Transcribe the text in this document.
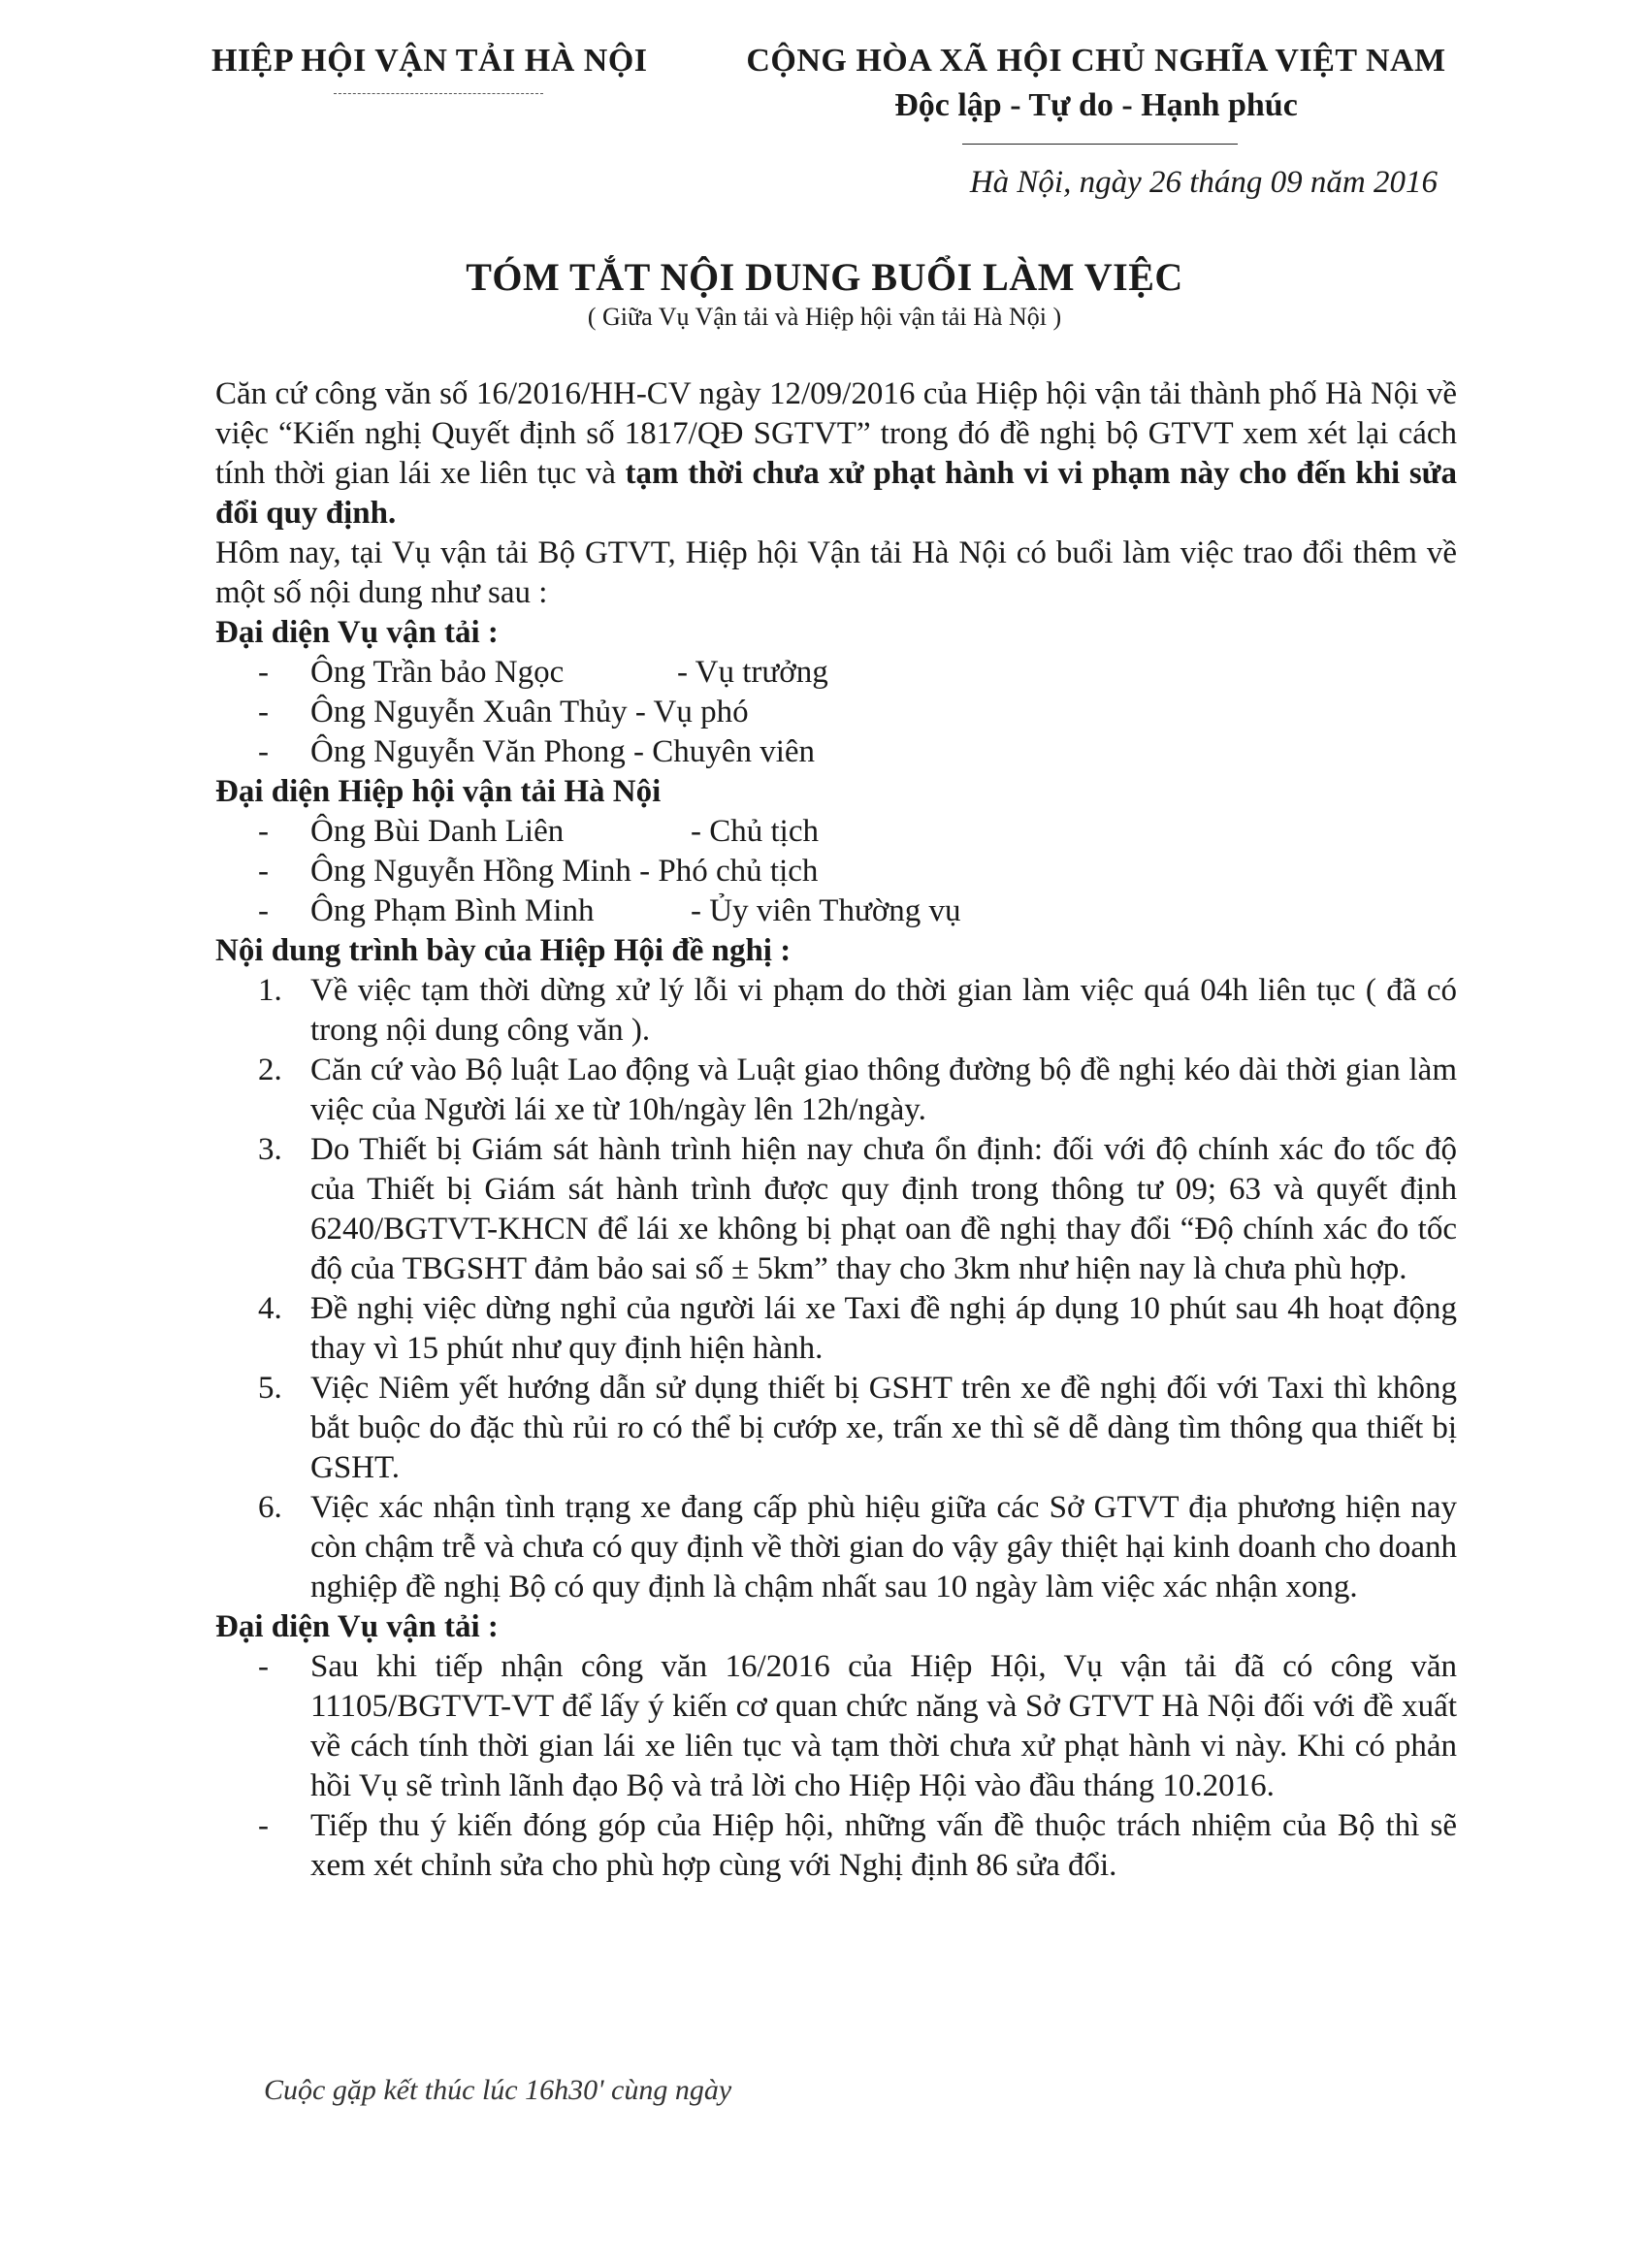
HIỆP HỘI VẬN TẢI HÀ NỘI	CỘNG HÒA XÃ HỘI CHỦ NGHĨA VIỆT NAM
Độc lập - Tự do - Hạnh phúc
Hà Nội, ngày 26 tháng 09 năm 2016
TÓM TẮT NỘI DUNG BUỔI LÀM VIỆC
( Giữa Vụ Vận tải và Hiệp hội vận tải Hà Nội )

Căn cứ công văn số 16/2016/HH-CV ngày 12/09/2016 của Hiệp hội vận tải thành phố Hà Nội về việc “Kiến nghị Quyết định số 1817/QĐ SGTVT” trong đó đề nghị bộ GTVT xem xét lại cách tính thời gian lái xe liên tục và tạm thời chưa xử phạt hành vi vi phạm này cho đến khi sửa đổi quy định.

Hôm nay, tại Vụ vận tải Bộ GTVT, Hiệp hội Vận tải Hà Nội có buổi làm việc trao đổi thêm về một số nội dung như sau :

Đại diện Vụ vận tải :

- Ông Trần bảo Ngọc	- Vụ trưởng
- Ông Nguyễn Xuân Thủy - Vụ phó
- Ông Nguyễn Văn Phong - Chuyên viên

Đại diện Hiệp hội vận tải Hà Nội

- Ông Bùi Danh Liên	- Chủ tịch
- Ông Nguyễn Hồng Minh - Phó chủ tịch
- Ông Phạm Bình Minh	- Ủy viên Thường vụ

Nội dung trình bày của Hiệp Hội đề nghị :

1. Về việc tạm thời dừng xử lý lỗi vi phạm do thời gian làm việc quá 04h liên tục ( đã có trong nội dung công văn ).
2. Căn cứ vào Bộ luật Lao động và Luật giao thông đường bộ đề nghị kéo dài thời gian làm việc của Người lái xe từ 10h/ngày lên 12h/ngày.
3. Do Thiết bị Giám sát hành trình hiện nay chưa ổn định: đối với độ chính xác đo tốc độ của Thiết bị Giám sát hành trình được quy định trong thông tư 09; 63 và quyết định 6240/BGTVT-KHCN để lái xe không bị phạt oan đề nghị thay đổi “Độ chính xác đo tốc độ của TBGSHT đảm bảo sai số ± 5km” thay cho 3km như hiện nay là chưa phù hợp.
4. Đề nghị việc dừng nghỉ của người lái xe Taxi đề nghị áp dụng 10 phút sau 4h hoạt động thay vì 15 phút như quy định hiện hành.
5. Việc Niêm yết hướng dẫn sử dụng thiết bị GSHT trên xe đề nghị đối với Taxi thì không bắt buộc do đặc thù rủi ro có thể bị cướp xe, trấn xe thì sẽ dễ dàng tìm thông qua thiết bị GSHT.
6. Việc xác nhận tình trạng xe đang cấp phù hiệu giữa các Sở GTVT địa phương hiện nay còn chậm trễ và chưa có quy định về thời gian do vậy gây thiệt hại kinh doanh cho doanh nghiệp đề nghị Bộ có quy định là chậm nhất sau 10 ngày làm việc xác nhận xong.

Đại diện Vụ vận tải :

- Sau khi tiếp nhận công văn 16/2016 của Hiệp Hội, Vụ vận tải đã có công văn 11105/BGTVT-VT để lấy ý kiến cơ quan chức năng và Sở GTVT Hà Nội đối với đề xuất về cách tính thời gian lái xe liên tục và tạm thời chưa xử phạt hành vi này. Khi có phản hồi Vụ sẽ trình lãnh đạo Bộ và trả lời cho Hiệp Hội vào đầu tháng 10.2016.
- Tiếp thu ý kiến đóng góp của Hiệp hội, những vấn đề thuộc trách nhiệm của Bộ thì sẽ xem xét chỉnh sửa cho phù hợp cùng với Nghị định 86 sửa đổi.
Cuộc gặp kết thúc lúc 16h30' cùng ngày
